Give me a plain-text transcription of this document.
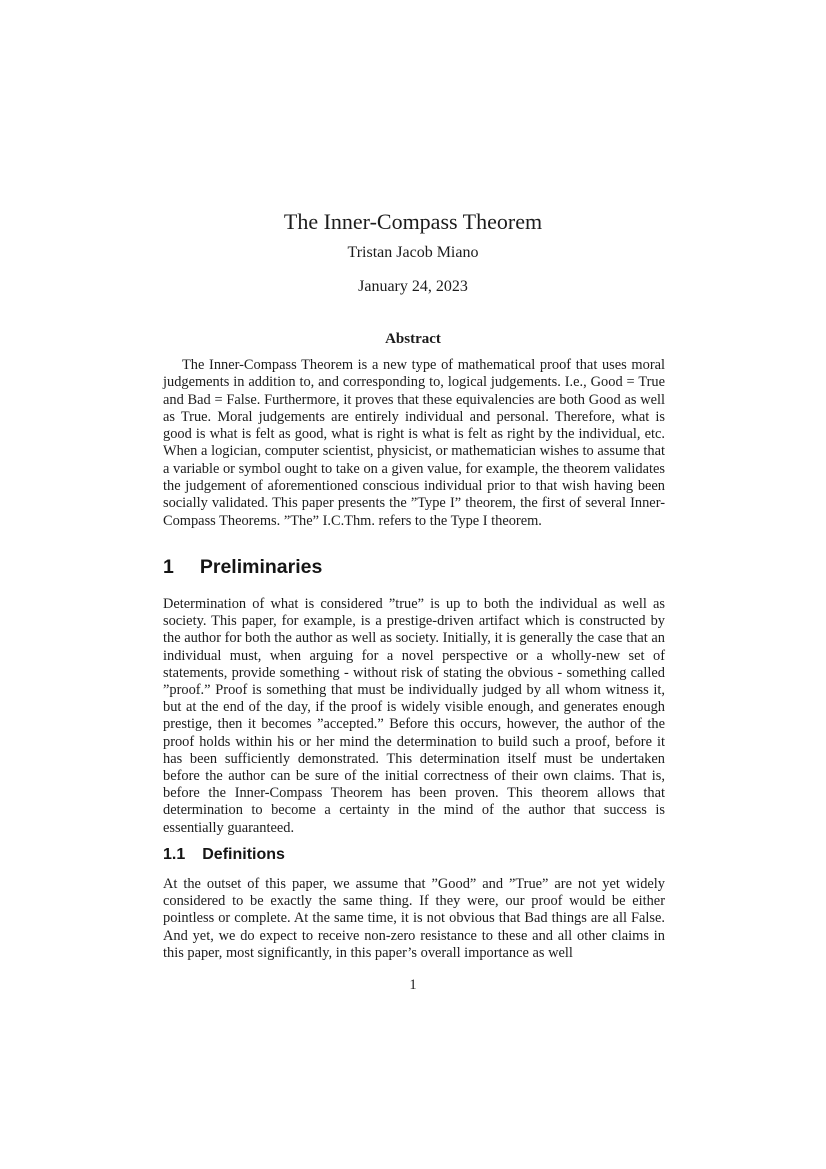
The Inner-Compass Theorem
Tristan Jacob Miano
January 24, 2023
Abstract

The Inner-Compass Theorem is a new type of mathematical proof that uses moral judgements in addition to, and corresponding to, logical judgements. I.e., Good = True and Bad = False. Furthermore, it proves that these equivalencies are both Good as well as True. Moral judgements are entirely individual and personal. Therefore, what is good is what is felt as good, what is right is what is felt as right by the individual, etc. When a logician, computer scientist, physicist, or mathematician wishes to assume that a variable or symbol ought to take on a given value, for example, the theorem validates the judgement of aforementioned conscious individual prior to that wish having been socially validated. This paper presents the ”Type I” theorem, the first of several Inner-Compass Theorems. ”The” I.C.Thm. refers to the Type I theorem.

1 Preliminaries

Determination of what is considered ”true” is up to both the individual as well as society. This paper, for example, is a prestige-driven artifact which is constructed by the author for both the author as well as society. Initially, it is generally the case that an individual must, when arguing for a novel perspective or a wholly-new set of statements, provide something - without risk of stating the obvious - something called ”proof.” Proof is something that must be individually judged by all whom witness it, but at the end of the day, if the proof is widely visible enough, and generates enough prestige, then it becomes ”accepted.” Before this occurs, however, the author of the proof holds within his or her mind the determination to build such a proof, before it has been sufficiently demonstrated. This determination itself must be undertaken before the author can be sure of the initial correctness of their own claims. That is, before the Inner-Compass Theorem has been proven. This theorem allows that determination to become a certainty in the mind of the author that success is essentially guaranteed.

1.1 Definitions

At the outset of this paper, we assume that ”Good” and ”True” are not yet widely considered to be exactly the same thing. If they were, our proof would be either pointless or complete. At the same time, it is not obvious that Bad things are all False. And yet, we do expect to receive non-zero resistance to these and all other claims in this paper, most significantly, in this paper’s overall importance as well

1
